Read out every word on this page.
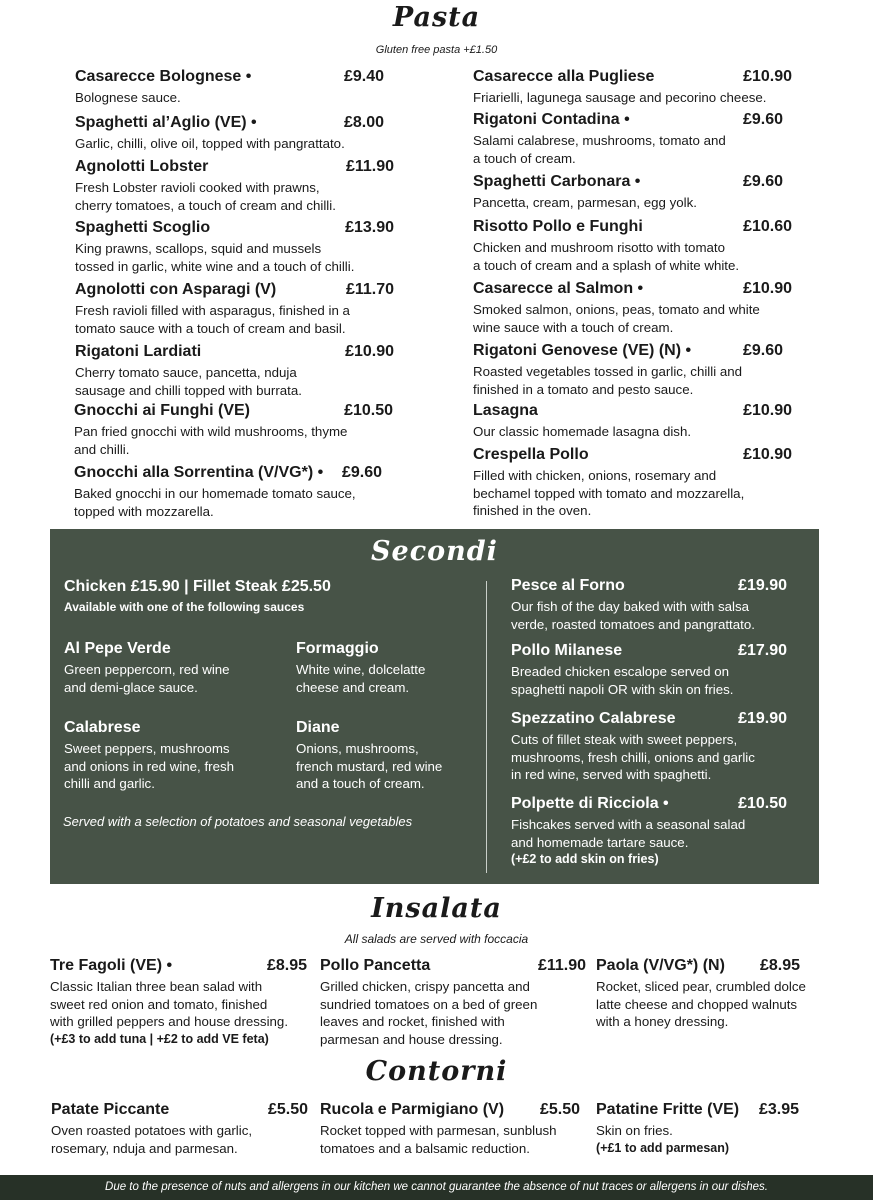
Pasta
Gluten free pasta +£1.50
Casarecce Bolognese •	£9.40
Bolognese sauce.
Spaghetti al’Aglio (VE) •	£8.00
Garlic, chilli, olive oil, topped with pangrattato.
Agnolotti Lobster	£11.90
Fresh Lobster ravioli cooked with prawns,
cherry tomatoes, a touch of cream and chilli.
Spaghetti Scoglio	£13.90
King prawns, scallops, squid and mussels
tossed in garlic, white wine and a touch of chilli.
Agnolotti con Asparagi (V)	£11.70
Fresh ravioli filled with asparagus, finished in a
tomato sauce with a touch of cream and basil.
Rigatoni Lardiati	£10.90
Cherry tomato sauce, pancetta, nduja
sausage and chilli topped with burrata.
Gnocchi ai Funghi (VE)	£10.50
Pan fried gnocchi with wild mushrooms, thyme
and chilli.
Gnocchi alla Sorrentina (V/VG*) • £9.60
Baked gnocchi in our homemade tomato sauce,
topped with mozzarella.
Casarecce alla Pugliese	£10.90
Friarielli, lagunega sausage and pecorino cheese.
Rigatoni Contadina •	£9.60
Salami calabrese, mushrooms, tomato and
a touch of cream.
Spaghetti Carbonara •	£9.60
Pancetta, cream, parmesan, egg yolk.
Risotto Pollo e Funghi	£10.60
Chicken and mushroom risotto with tomato
a touch of cream and a splash of white white.
Casarecce al Salmon •	£10.90
Smoked salmon, onions, peas, tomato and white
wine sauce with a touch of cream.
Rigatoni Genovese (VE) (N) •	£9.60
Roasted vegetables tossed in garlic, chilli and
finished in a tomato and pesto sauce.
Lasagna	£10.90
Our classic homemade lasagna dish.
Crespella Pollo	£10.90
Filled with chicken, onions, rosemary and
bechamel topped with tomato and mozzarella,
finished in the oven.
Secondi
Chicken £15.90 | Fillet Steak £25.50
Available with one of the following sauces
Al Pepe Verde
Green peppercorn, red wine
and demi-glace sauce.
Formaggio
White wine, dolcelatte
cheese and cream.
Calabrese
Sweet peppers, mushrooms
and onions in red wine, fresh
chilli and garlic.
Diane
Onions, mushrooms,
french mustard, red wine
and a touch of cream.
Served with a selection of potatoes and seasonal vegetables
Pesce al Forno	£19.90
Our fish of the day baked with with salsa
verde, roasted tomatoes and pangrattato.
Pollo Milanese	£17.90
Breaded chicken escalope served on
spaghetti napoli OR with skin on fries.
Spezzatino Calabrese	£19.90
Cuts of fillet steak with sweet peppers,
mushrooms, fresh chilli, onions and garlic
in red wine, served with spaghetti.
Polpette di Ricciola •	£10.50
Fishcakes served with a seasonal salad
and homemade tartare sauce.
(+£2 to add skin on fries)
Insalata
All salads are served with foccacia
Tre Fagoli (VE) •	£8.95
Classic Italian three bean salad with
sweet red onion and tomato, finished
with grilled peppers and house dressing.
(+£3 to add tuna | +£2 to add VE feta)
Pollo Pancetta	£11.90
Grilled chicken, crispy pancetta and
sundried tomatoes on a bed of green
leaves and rocket, finished with
parmesan and house dressing.
Paola (V/VG*) (N) £8.95
Rocket, sliced pear, crumbled dolce
latte cheese and chopped walnuts
with a honey dressing.
Contorni
Patate Piccante	£5.50
Oven roasted potatoes with garlic,
rosemary, nduja and parmesan.
Rucola e Parmigiano (V) £5.50
Rocket topped with parmesan, sunblush
tomatoes and a balsamic reduction.
Patatine Fritte (VE) £3.95
Skin on fries.
(+£1 to add parmesan)
Due to the presence of nuts and allergens in our kitchen we cannot guarantee the absence of nut traces or allergens in our dishes.
